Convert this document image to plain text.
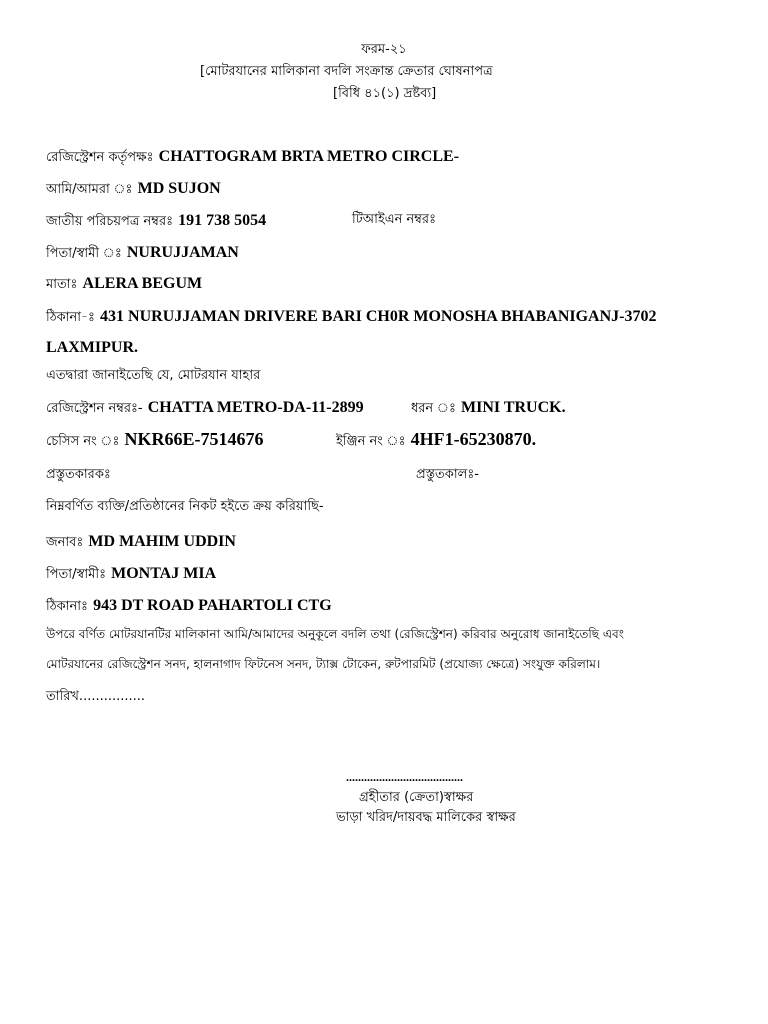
ফরম-২১
[মোটরযানের মালিকানা বদলি সংক্রান্ত ক্রেতার ঘোষনাপত্র
[বিধি ৪১(১) দ্রষ্টব্য]
রেজিস্ট্রেশন কর্তৃপক্ষঃ CHATTOGRAM BRTA METRO CIRCLE-
আমি/আমরা ঃ MD SUJON
জাতীয় পরিচয়পত্র নম্বরঃ 191 738 5054	টিআইএন নম্বরঃ
পিতা/স্বামী ঃ NURUJJAMAN
মাতাঃ ALERA BEGUM
ঠিকানা-ঃ 431 NURUJJAMAN DRIVERE BARI CH0R MONOSHA BHABANIGANJ-3702
LAXMIPUR.
এতদ্বারা জানাইতেছি যে, মোটরযান যাহার
রেজিস্ট্রেশন নম্বরঃ- CHATTA METRO-DA-11-2899	ধরন ঃ MINI TRUCK.
চেসিস নং ঃ NKR66E-7514676	ইঞ্জিন নং ঃ 4HF1-65230870.
প্রস্তুতকারকঃ	প্রস্তুতকালঃ-
নিম্নবর্ণিত ব্যক্তি/প্রতিষ্ঠানের নিকট হইতে ক্রয় করিয়াছি-
জনাবঃ MD MAHIM UDDIN
পিতা/স্বামীঃ MONTAJ MIA
ঠিকানাঃ 943 DT ROAD PAHARTOLI CTG
উপরে বর্ণিত মোটরযানটির মালিকানা আমি/আমাদের অনুকূলে বদলি তথা (রেজিস্ট্রেশন) করিবার অনুরোধ জানাইতেছি এবং
মোটরযানের রেজিস্ট্রেশন সনদ, হালনাগাদ ফিটনেস সনদ, ট্যাক্স টোকেন, রুটপারমিট (প্রযোজ্য ক্ষেত্রে) সংযুক্ত করিলাম।
তারিখ................
.......................................
গ্রহীতার (ক্রেতা)স্বাক্ষর
ভাড়া খরিদ/দায়বদ্ধ মালিকের স্বাক্ষর
